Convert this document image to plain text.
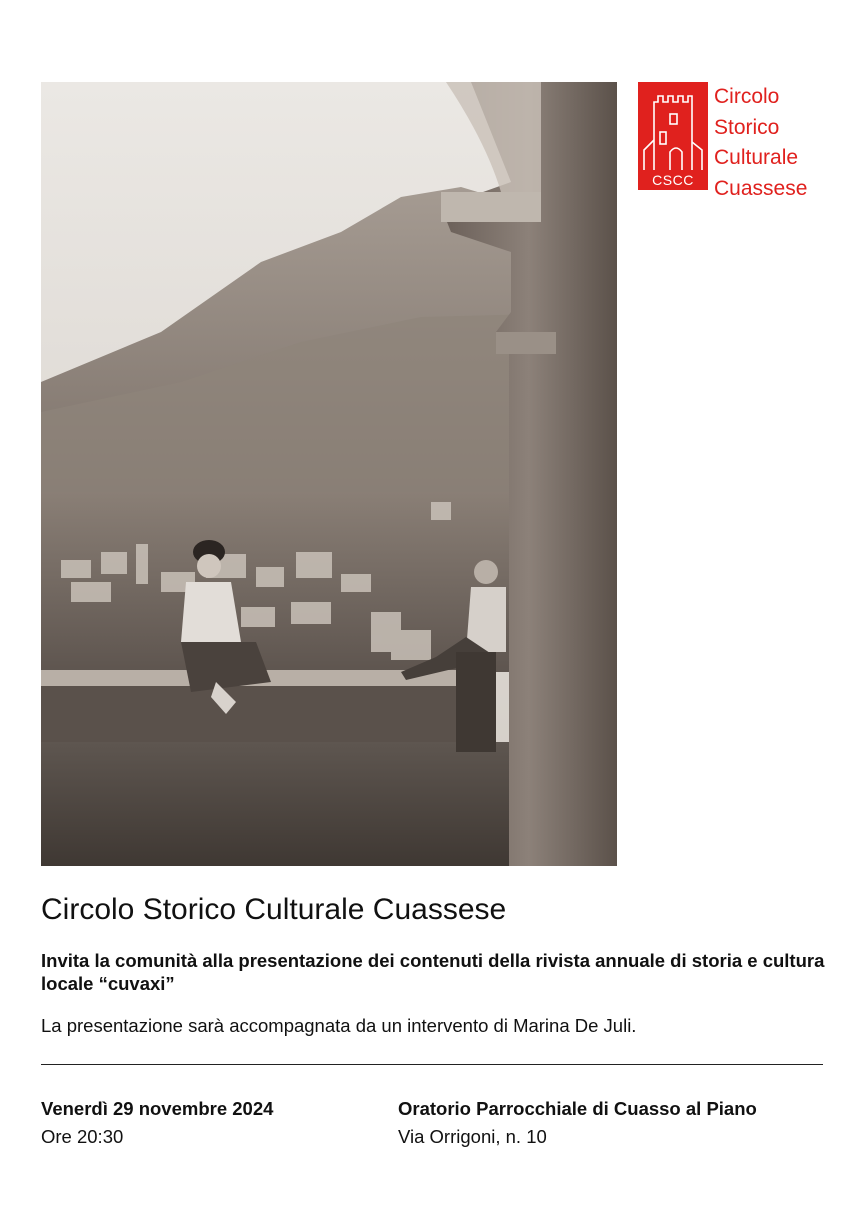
CSCC
Circolo
Storico
Culturale
Cuassese
Circolo Storico Culturale Cuassese
Invita la comunità alla presentazione dei contenuti della rivista annuale di storia e cultura locale “cuvaxi”
La presentazione sarà accompagnata da un intervento di Marina De Juli.
Venerdì 29 novembre 2024
Ore 20:30
Oratorio Parrocchiale di Cuasso al Piano
Via Orrigoni, n. 10
